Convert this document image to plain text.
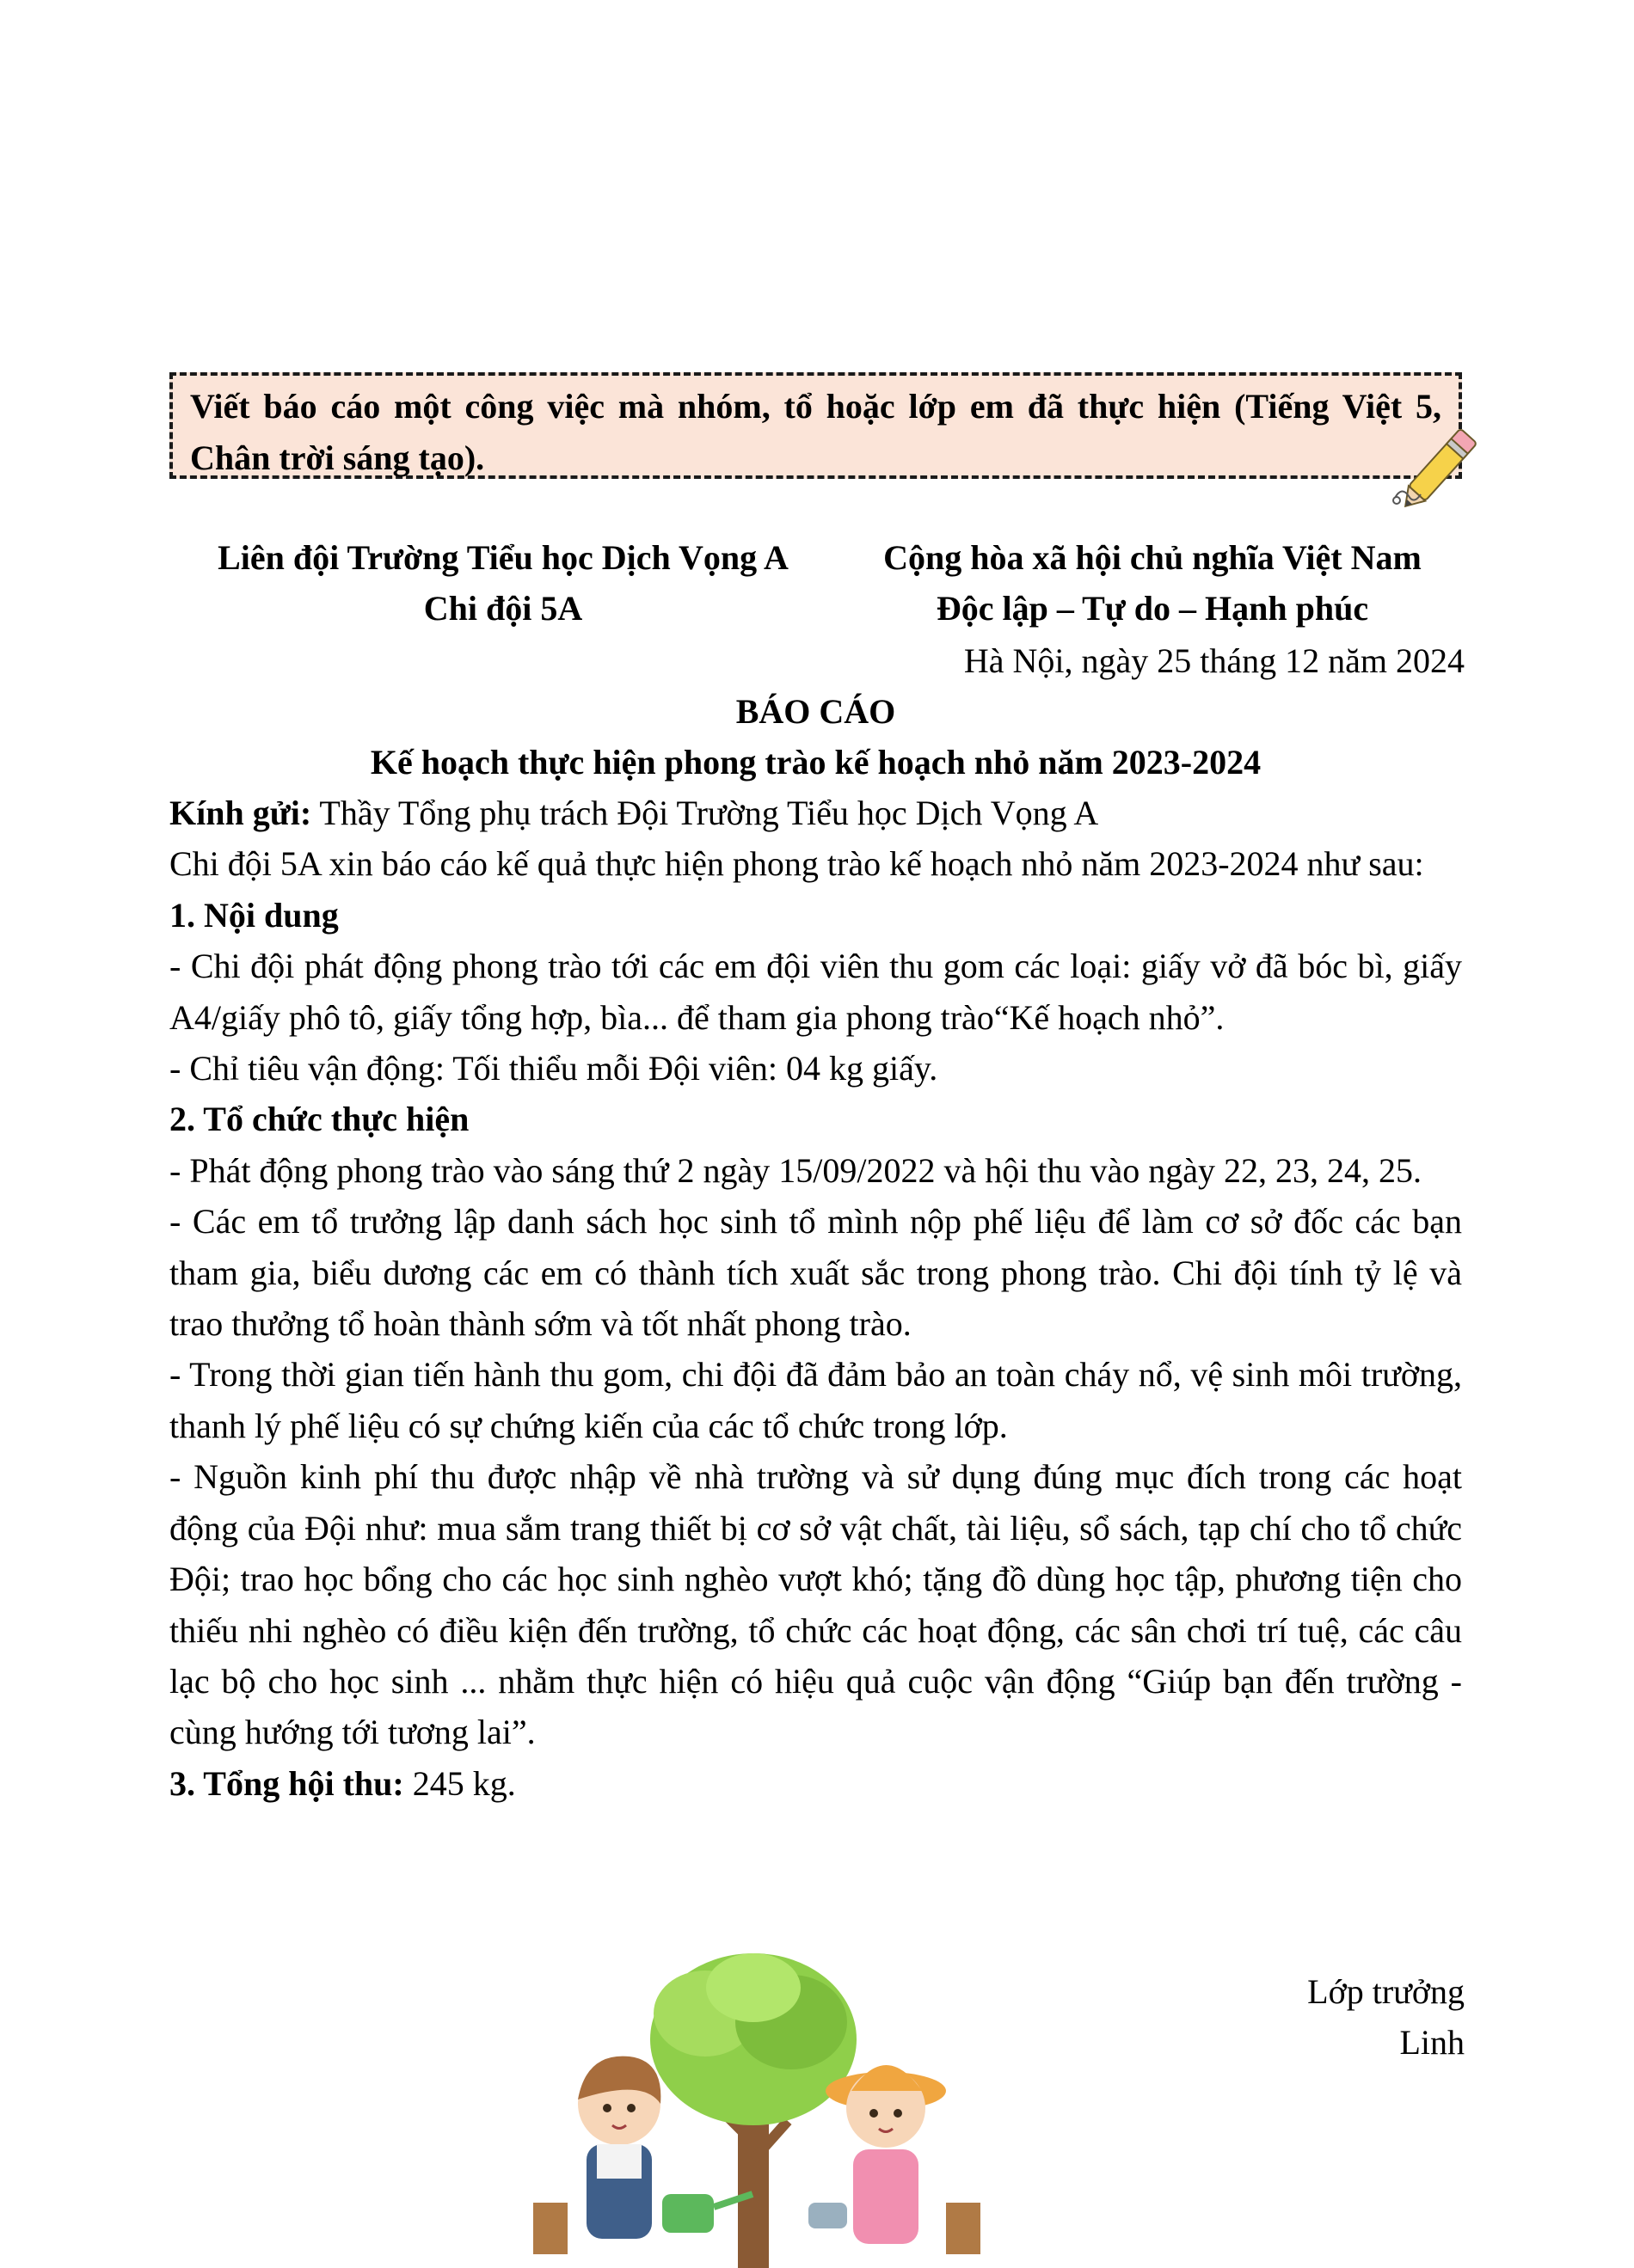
Viết báo cáo một công việc mà nhóm, tổ hoặc lớp em đã thực hiện (Tiếng Việt 5, Chân trời sáng tạo).
Liên đội Trường Tiểu học Dịch Vọng A
Chi đội 5A
Cộng hòa xã hội chủ nghĩa Việt Nam
Độc lập – Tự do – Hạnh phúc
Hà Nội, ngày 25 tháng 12 năm 2024
BÁO CÁO
Kế hoạch thực hiện phong trào kế hoạch nhỏ năm 2023-2024

Kính gửi: Thầy Tổng phụ trách Đội Trường Tiểu học Dịch Vọng A

Chi đội 5A xin báo cáo kế quả thực hiện phong trào kế hoạch nhỏ năm 2023-2024 như sau:

1. Nội dung

- Chi đội phát động phong trào tới các em đội viên thu gom các loại: giấy vở đã bóc bì, giấy A4/giấy phô tô, giấy tổng hợp, bìa... để tham gia phong trào“Kế hoạch nhỏ”.

- Chỉ tiêu vận động: Tối thiểu mỗi Đội viên: 04 kg giấy.

2. Tổ chức thực hiện

- Phát động phong trào vào sáng thứ 2 ngày 15/09/2022 và hội thu vào ngày 22, 23, 24, 25.

- Các em tổ trưởng lập danh sách học sinh tổ mình nộp phế liệu để làm cơ sở đốc các bạn tham gia, biểu dương các em có thành tích xuất sắc trong phong trào. Chi đội tính tỷ lệ và trao thưởng tổ hoàn thành sớm và tốt nhất phong trào.

- Trong thời gian tiến hành thu gom, chi đội đã đảm bảo an toàn cháy nổ, vệ sinh môi trường, thanh lý phế liệu có sự chứng kiến của các tổ chức trong lớp.

- Nguồn kinh phí thu được nhập về nhà trường và sử dụng đúng mục đích trong các hoạt động của Đội như: mua sắm trang thiết bị cơ sở vật chất, tài liệu, sổ sách, tạp chí cho tổ chức Đội; trao học bổng cho các học sinh nghèo vượt khó; tặng đồ dùng học tập, phương tiện cho thiếu nhi nghèo có điều kiện đến trường, tổ chức các hoạt động, các sân chơi trí tuệ, các câu lạc bộ cho học sinh ... nhằm thực hiện có hiệu quả cuộc vận động “Giúp bạn đến trường - cùng hướng tới tương lai”.

3. Tổng hội thu: 245 kg.

Lớp trưởng
Linh
